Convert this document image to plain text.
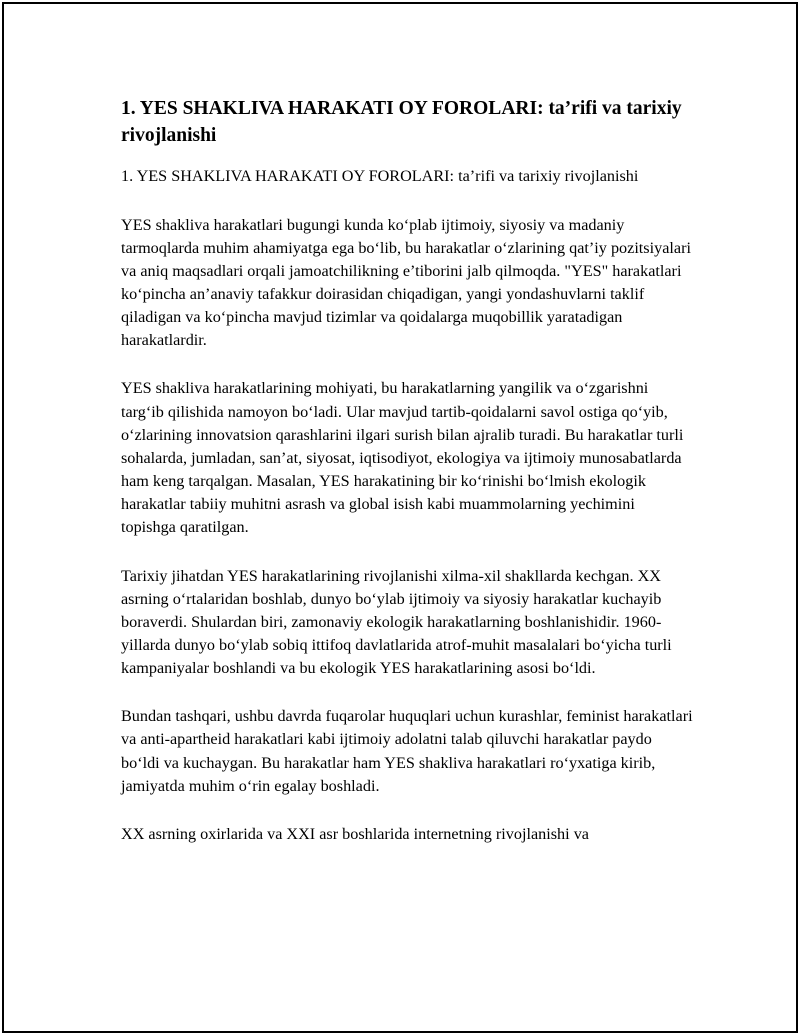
1. YES SHAKLIVA HARAKATI OY FOROLARI: ta’rifi va tarixiy rivojlanishi

1. YES SHAKLIVA HARAKATI OY FOROLARI: ta’rifi va tarixiy rivojlanishi

YES shakliva harakatlari bugungi kunda ko‘plab ijtimoiy, siyosiy va madaniy tarmoqlarda muhim ahamiyatga ega bo‘lib, bu harakatlar o‘zlarining qat’iy pozitsiyalari va aniq maqsadlari orqali jamoatchilikning e’tiborini jalb qilmoqda. "YES" harakatlari ko‘pincha an’anaviy tafakkur doirasidan chiqadigan, yangi yondashuvlarni taklif qiladigan va ko‘pincha mavjud tizimlar va qoidalarga muqobillik yaratadigan harakatlardir.

YES shakliva harakatlarining mohiyati, bu harakatlarning yangilik va o‘zgarishni targ‘ib qilishida namoyon bo‘ladi. Ular mavjud tartib-qoidalarni savol ostiga qo‘yib, o‘zlarining innovatsion qarashlarini ilgari surish bilan ajralib turadi. Bu harakatlar turli sohalarda, jumladan, san’at, siyosat, iqtisodiyot, ekologiya va ijtimoiy munosabatlarda ham keng tarqalgan. Masalan, YES harakatining bir ko‘rinishi bo‘lmish ekologik harakatlar tabiiy muhitni asrash va global isish kabi muammolarning yechimini topishga qaratilgan.

Tarixiy jihatdan YES harakatlarining rivojlanishi xilma-xil shakllarda kechgan. XX asrning o‘rtalaridan boshlab, dunyo bo‘ylab ijtimoiy va siyosiy harakatlar kuchayib boraverdi. Shulardan biri, zamonaviy ekologik harakatlarning boshlanishidir. 1960-yillarda dunyo bo‘ylab sobiq ittifoq davlatlarida atrof-muhit masalalari bo‘yicha turli kampaniyalar boshlandi va bu ekologik YES harakatlarining asosi bo‘ldi.

Bundan tashqari, ushbu davrda fuqarolar huquqlari uchun kurashlar, feminist harakatlari va anti-apartheid harakatlari kabi ijtimoiy adolatni talab qiluvchi harakatlar paydo bo‘ldi va kuchaygan. Bu harakatlar ham YES shakliva harakatlari ro‘yxatiga kirib, jamiyatda muhim o‘rin egalay boshladi.

XX asrning oxirlarida va XXI asr boshlarida internetning rivojlanishi va
